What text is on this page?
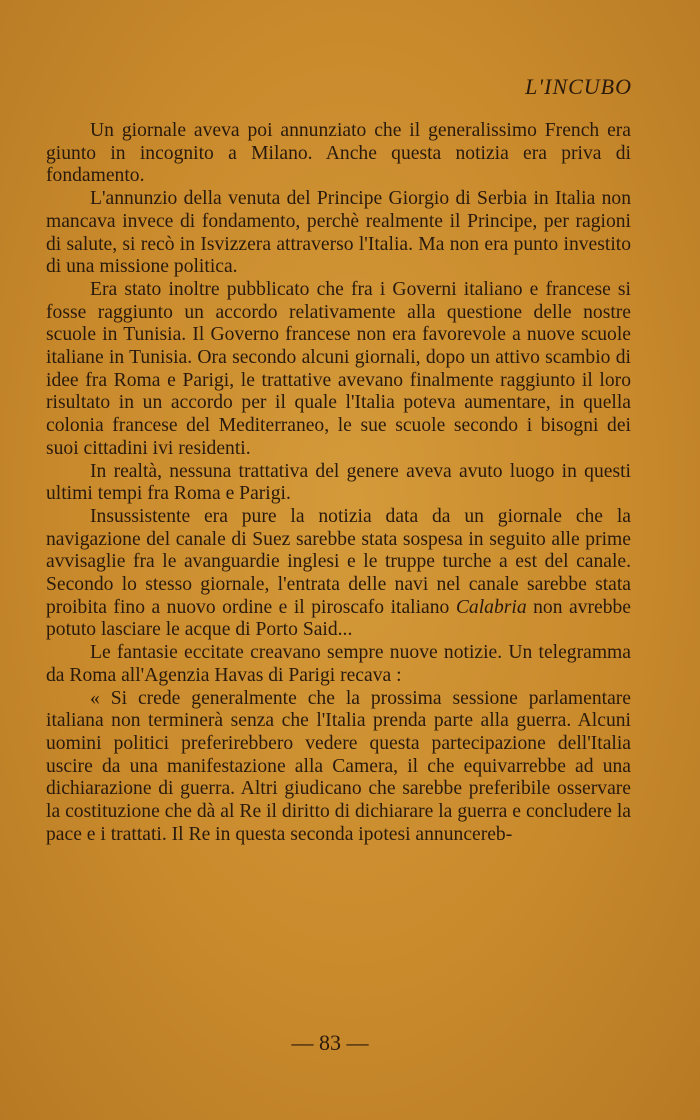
L'INCUBO

Un giornale aveva poi annunziato che il generalissimo French era giunto in incognito a Milano. Anche questa notizia era priva di fondamento.

L'annunzio della venuta del Principe Giorgio di Serbia in Italia non mancava invece di fondamento, perchè realmente il Principe, per ragioni di salute, si recò in Isvizzera attraverso l'Italia. Ma non era punto investito di una missione politica.

Era stato inoltre pubblicato che fra i Governi italiano e francese si fosse raggiunto un accordo relativamente alla questione delle nostre scuole in Tunisia. Il Governo francese non era favorevole a nuove scuole italiane in Tunisia. Ora secondo alcuni giornali, dopo un attivo scambio di idee fra Roma e Parigi, le trattative avevano finalmente raggiunto il loro risultato in un accordo per il quale l'Italia poteva aumentare, in quella colonia francese del Mediterraneo, le sue scuole secondo i bisogni dei suoi cittadini ivi residenti.

In realtà, nessuna trattativa del genere aveva avuto luogo in questi ultimi tempi fra Roma e Parigi.

Insussistente era pure la notizia data da un giornale che la navigazione del canale di Suez sarebbe stata sospesa in seguito alle prime avvisaglie fra le avanguardie inglesi e le truppe turche a est del canale. Secondo lo stesso giornale, l'entrata delle navi nel canale sarebbe stata proibita fino a nuovo ordine e il piroscafo italiano Calabria non avrebbe potuto lasciare le acque di Porto Said...

Le fantasie eccitate creavano sempre nuove notizie. Un telegramma da Roma all'Agenzia Havas di Parigi recava :

« Si crede generalmente che la prossima sessione parlamentare italiana non terminerà senza che l'Italia prenda parte alla guerra. Alcuni uomini politici preferirebbero vedere questa partecipazione dell'Italia uscire da una manifestazione alla Camera, il che equivarrebbe ad una dichiarazione di guerra. Altri giudicano che sarebbe preferibile osservare la costituzione che dà al Re il diritto di dichiarare la guerra e concludere la pace e i trattati. Il Re in questa seconda ipotesi annuncereb-

— 83 —
